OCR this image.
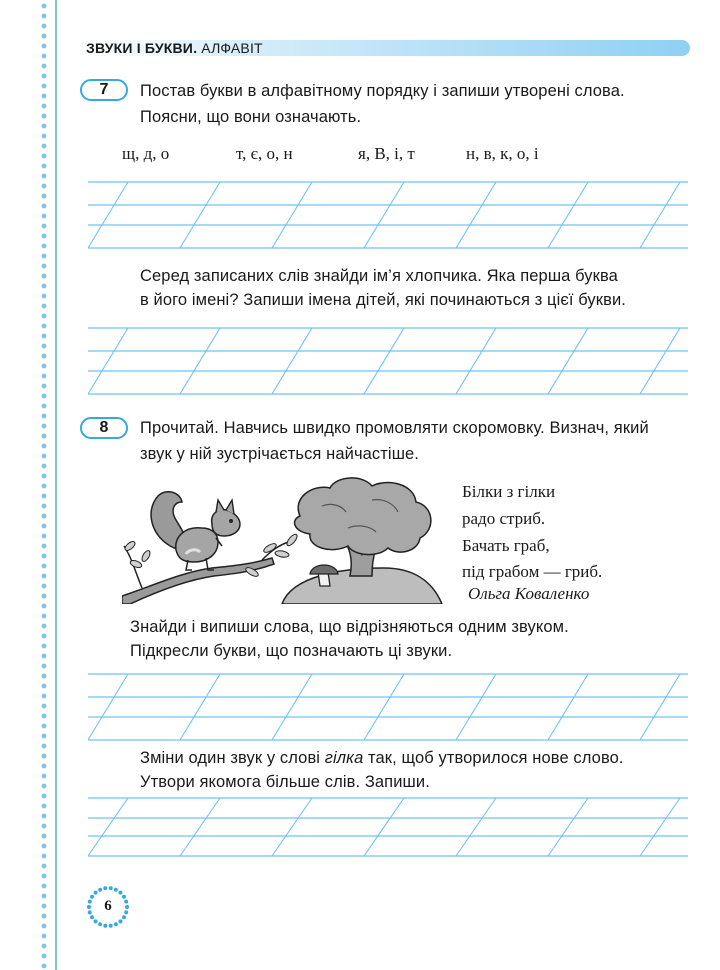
ЗВУКИ І БУКВИ. АЛФАВІТ
7	Постав букви в алфавітному порядку і запиши утворені слова.
Поясни, що вони означають.
щ, д, о	т, є, о, н	я, В, і, т	н, в, к, о, і
Серед записаних слів знайди ім’я хлопчика. Яка перша буква
в його імені? Запиши імена дітей, які починаються з цієї букви.
8	Прочитай. Навчись швидко промовляти скоромовку. Визнач, який
звук у ній зустрічається найчастіше.
Білки з гілки
радо стриб.
Бачать граб,
під грабом — гриб.
Ольга Коваленко
Знайди і випиши слова, що відрізняються одним звуком.
Підкресли букви, що позначають ці звуки.
Зміни один звук у слові гілка так, щоб утворилося нове слово.
Утвори якомога більше слів. Запиши.
6
